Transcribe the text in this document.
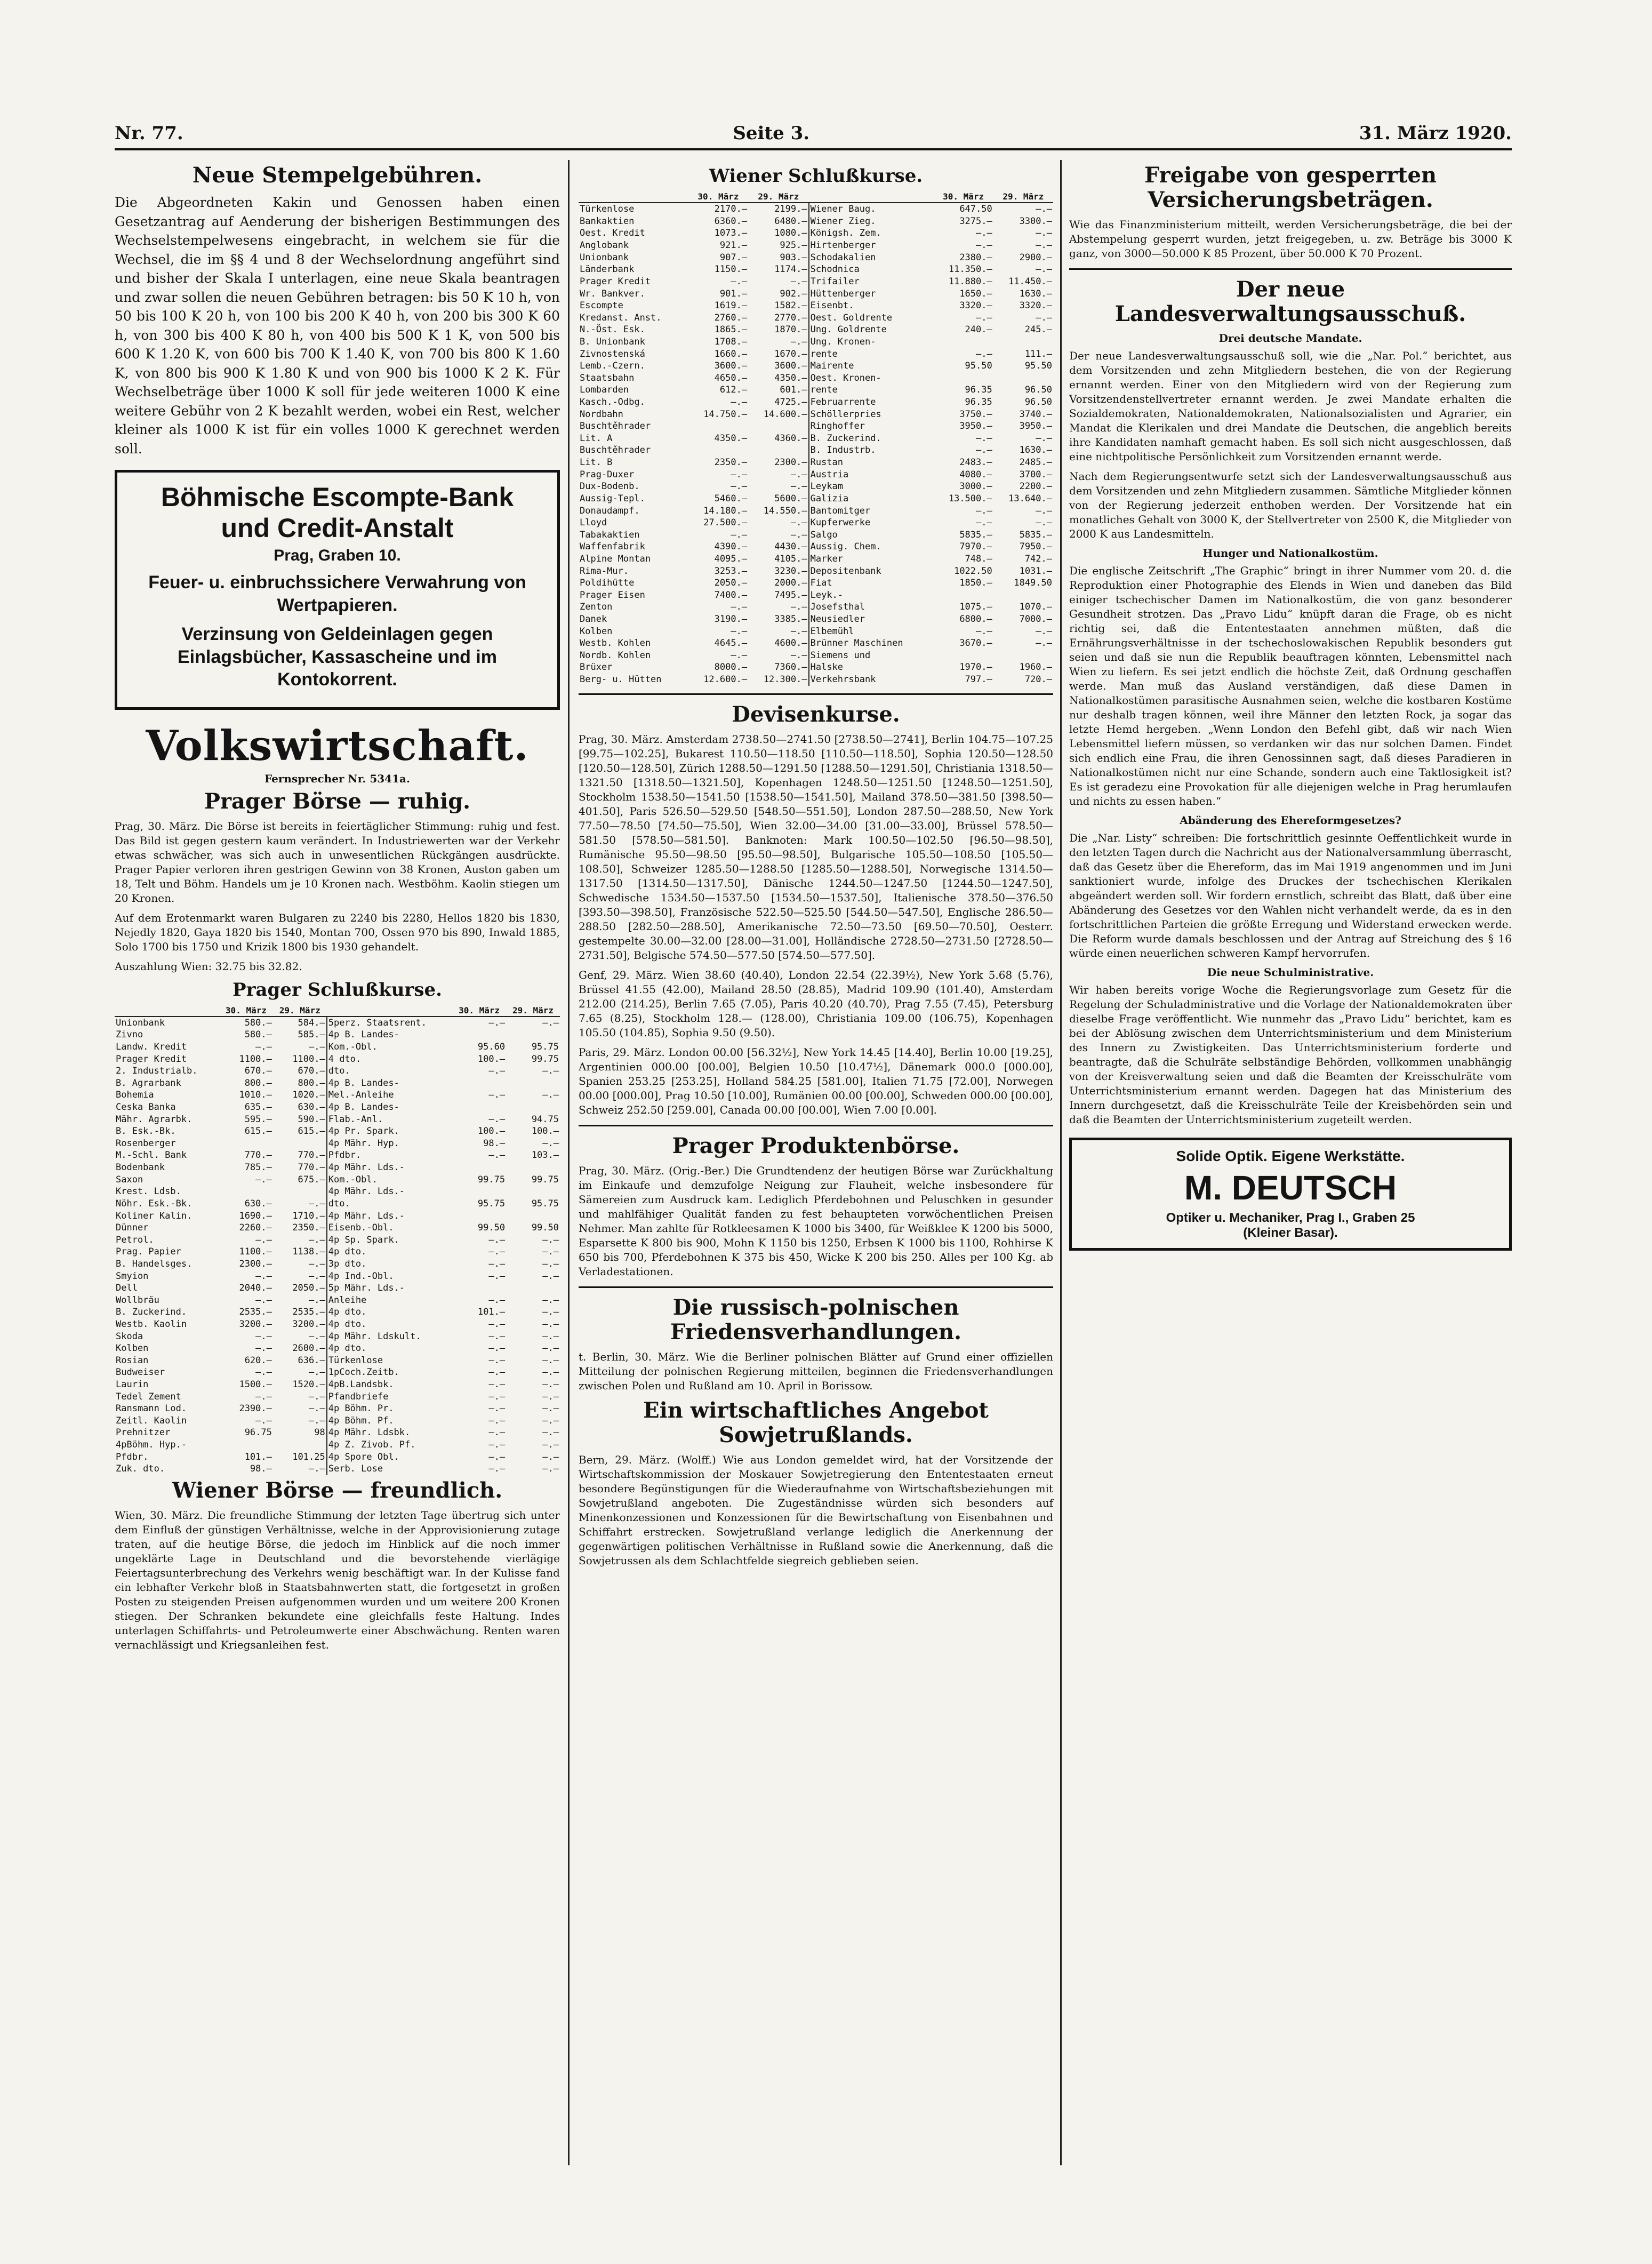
Nr. 77.	Seite 3.	31. März 1920.
Neue Stempelgebühren.

Die Abgeordneten Kakin und Genossen haben einen Gesetzantrag auf Aenderung der bisherigen Bestimmungen des Wechselstempelwesens eingebracht, in welchem sie für die Wechsel, die im §§ 4 und 8 der Wechselordnung angeführt sind und bisher der Skala I unterlagen, eine neue Skala beantragen und zwar sollen die neuen Gebühren betragen: bis 50 K 10 h, von 50 bis 100 K 20 h, von 100 bis 200 K 40 h, von 200 bis 300 K 60 h, von 300 bis 400 K 80 h, von 400 bis 500 K 1 K, von 500 bis 600 K 1.20 K, von 600 bis 700 K 1.40 K, von 700 bis 800 K 1.60 K, von 800 bis 900 K 1.80 K und von 900 bis 1000 K 2 K. Für Wechselbeträge über 1000 K soll für jede weiteren 1000 K eine weitere Gebühr von 2 K bezahlt werden, wobei ein Rest, welcher kleiner als 1000 K ist für ein volles 1000 K gerechnet werden soll.

Böhmische Escompte-Bank
und Credit-Anstalt
Prag, Graben 10.
Feuer- u. einbruchssichere Verwahrung von Wertpapieren.
Verzinsung von Geldeinlagen gegen Einlagsbücher, Kassascheine und im Kontokorrent.
Volkswirtschaft.
Fernsprecher Nr. 5341a.
Prager Börse — ruhig.

Prag, 30. März. Die Börse ist bereits in feiertäglicher Stimmung: ruhig und fest. Das Bild ist gegen gestern kaum verändert. In Industriewerten war der Verkehr etwas schwächer, was sich auch in unwesentlichen Rückgängen ausdrückte. Prager Papier verloren ihren gestrigen Gewinn von 38 Kronen, Auston gaben um 18, Telt und Böhm. Handels um je 10 Kronen nach. Westböhm. Kaolin stiegen um 20 Kronen.

Auf dem Erotenmarkt waren Bulgaren zu 2240 bis 2280, Hellos 1820 bis 1830, Nejedly 1820, Gaya 1820 bis 1540, Montan 700, Ossen 970 bis 890, Inwald 1885, Solo 1700 bis 1750 und Krizik 1800 bis 1930 gehandelt.

Auszahlung Wien: 32.75 bis 32.82.

Prager Schlußkurse.
	30. März	29. März		30. März	29. März
Unionbank	580.—	584.—	5perz. Staatsrent.	—.—	—.—
Zivno	580.—	585.—	4p B. Landes-		
Landw. Kredit	—.—	—.—	Kom.-Obl.	95.60	95.75
Prager Kredit	1100.—	1100.—	4 dto.	100.—	99.75
2. Industrialb.	670.—	670.—	dto.	—.—	—.—
B. Agrarbank	800.—	800.—	4p B. Landes-		
Bohemia	1010.—	1020.—	Mel.-Anleihe	—.—	—.—
Ceska Banka	635.—	630.—	4p B. Landes-		
Mähr. Agrarbk.	595.—	590.—	Flab.-Anl.	—.—	94.75
B. Esk.-Bk.	615.—	615.—	4p Pr. Spark.	100.—	100.—
Rosenberger			4p Mähr. Hyp.	98.—	—.—
M.-Schl. Bank	770.—	770.—	Pfdbr.	—.—	103.—
Bodenbank	785.—	770.—	4p Mähr. Lds.-		
Saxon	—.—	675.—	Kom.-Obl.	99.75	99.75
Krest. Ldsb.			4p Mähr. Lds.-		
Nöhr. Esk.-Bk.	630.—	—.—	dto.	95.75	95.75
Koliner Kalin.	1690.—	1710.—	4p Mähr. Lds.-		
Dünner	2260.—	2350.—	Eisenb.-Obl.	99.50	99.50
Petrol.	—.—	—.—	4p Sp. Spark.	—.—	—.—
Prag. Papier	1100.—	1138.—	4p dto.	—.—	—.—
B. Handelsges.	2300.—	—.—	3p dto.	—.—	—.—
Smyion	—.—	—.—	4p Ind.-Obl.	—.—	—.—
Dell	2040.—	2050.—	5p Mähr. Lds.-		
Wollbräu	—.—	—.—	Anleihe	—.—	—.—
B. Zuckerind.	2535.—	2535.—	4p dto.	101.—	—.—
Westb. Kaolin	3200.—	3200.—	4p dto.	—.—	—.—
Skoda	—.—	—.—	4p Mähr. Ldskult.	—.—	—.—
Kolben	—.—	2600.—	4p dto.	—.—	—.—
Rosian	620.—	636.—	Türkenlose	—.—	—.—
Budweiser	—.—	—.—	1pCoch.Zeitb.	—.—	—.—
Laurin	1500.—	1520.—	4pB.Landsbk.	—.—	—.—
Tedel Zement	—.—	—.—	Pfandbriefe	—.—	—.—
Ransmann Lod.	2390.—	—.—	4p Böhm. Pr.	—.—	—.—
Zeitl. Kaolin	—.—	—.—	4p Böhm. Pf.	—.—	—.—
Prehnitzer	96.75	98	4p Mähr. Ldsbk.	—.—	—.—
4pBöhm. Hyp.-			4p Z. Zivob. Pf.	—.—	—.—
Pfdbr.	101.—	101.25	4p Spore Obl.	—.—	—.—
Zuk. dto.	98.—	—.—	Serb. Lose	—.—	—.—
Wiener Börse — freundlich.

Wien, 30. März. Die freundliche Stimmung der letzten Tage übertrug sich unter dem Einfluß der günstigen Verhältnisse, welche in der Approvisionierung zutage traten, auf die heutige Börse, die jedoch im Hinblick auf die noch immer ungeklärte Lage in Deutschland und die bevorstehende vierlägige Feiertagsunterbrechung des Verkehrs wenig beschäftigt war. In der Kulisse fand ein lebhafter Verkehr bloß in Staatsbahnwerten statt, die fortgesetzt in großen Posten zu steigenden Preisen aufgenommen wurden und um weitere 200 Kronen stiegen. Der Schranken bekundete eine gleichfalls feste Haltung. Indes unterlagen Schiffahrts- und Petroleumwerte einer Abschwächung. Renten waren vernachlässigt und Kriegsanleihen fest.

Wiener Schlußkurse.
	30. März	29. März		30. März	29. März
Türkenlose	2170.—	2199.—	Wiener Baug.	647.50	—.—
Bankaktien	6360.—	6480.—	Wiener Zieg.	3275.—	3300.—
Oest. Kredit	1073.—	1080.—	Königsh. Zem.	—.—	—.—
Anglobank	921.—	925.—	Hirtenberger	—.—	—.—
Unionbank	907.—	903.—	Schodakalien	2380.—	2900.—
Länderbank	1150.—	1174.—	Schodnica	11.350.—	—.—
Prager Kredit	—.—	—.—	Trifailer	11.880.—	11.450.—
Wr. Bankver.	901.—	902.—	Hüttenberger	1650.—	1630.—
Escompte	1619.—	1582.—	Eisenbt.	3320.—	3320.—
Kredanst. Anst.	2760.—	2770.—	Oest. Goldrente	—.—	—.—
N.-Öst. Esk.	1865.—	1870.—	Ung. Goldrente	240.—	245.—
B. Unionbank	1708.—	—.—	Ung. Kronen-		
Zivnostenská	1660.—	1670.—	rente	—.—	111.—
Lemb.-Czern.	3600.—	3600.—	Mairente	95.50	95.50
Staatsbahn	4650.—	4350.—	Oest. Kronen-		
Lombarden	612.—	601.—	rente	96.35	96.50
Kasch.-Odbg.	—.—	4725.—	Februarrente	96.35	96.50
Nordbahn	14.750.—	14.600.—	Schöllerpries	3750.—	3740.—
Buschtěhrader			Ringhoffer	3950.—	3950.—
Lit. A	4350.—	4360.—	B. Zuckerind.	—.—	—.—
Buschtěhrader			B. Industrb.	—.—	1630.—
Lit. B	2350.—	2300.—	Rustan	2483.—	2485.—
Prag-Duxer	—.—	—.—	Austria	4080.—	3700.—
Dux-Bodenb.	—.—	—.—	Leykam	3000.—	2200.—
Aussig-Tepl.	5460.—	5600.—	Galizia	13.500.—	13.640.—
Donaudampf.	14.180.—	14.550.—	Bantomitger	—.—	—.—
Lloyd	27.500.—	—.—	Kupferwerke	—.—	—.—
Tabakaktien	—.—	—.—	Salgo	5835.—	5835.—
Waffenfabrik	4390.—	4430.—	Aussig. Chem.	7970.—	7950.—
Alpine Montan	4095.—	4105.—	Marker	748.—	742.—
Rima-Mur.	3253.—	3230.—	Depositenbank	1022.50	1031.—
Poldihütte	2050.—	2000.—	Fiat	1850.—	1849.50
Prager Eisen	7400.—	7495.—	Leyk.-		
Zenton	—.—	—.—	Josefsthal	1075.—	1070.—
Danek	3190.—	3385.—	Neusiedler	6800.—	7000.—
Kolben	—.—	—.—	Elbemühl	—.—	—.—
Westb. Kohlen	4645.—	4600.—	Brünner Maschinen	3670.—	—.—
Nordb. Kohlen	—.—	—.—	Siemens und		
Brüxer	8000.—	7360.—	Halske	1970.—	1960.—
Berg- u. Hütten	12.600.—	12.300.—	Verkehrsbank	797.—	720.—
Devisenkurse.

Prag, 30. März. Amsterdam 2738.50—2741.50 [2738.50—2741], Berlin 104.75—107.25 [99.75—102.25], Bukarest 110.50—118.50 [110.50—118.50], Sophia 120.50—128.50 [120.50—128.50], Zürich 1288.50—1291.50 [1288.50—1291.50], Christiania 1318.50—1321.50 [1318.50—1321.50], Kopenhagen 1248.50—1251.50 [1248.50—1251.50], Stockholm 1538.50—1541.50 [1538.50—1541.50], Mailand 378.50—381.50 [398.50—401.50], Paris 526.50—529.50 [548.50—551.50], London 287.50—288.50, New York 77.50—78.50 [74.50—75.50], Wien 32.00—34.00 [31.00—33.00], Brüssel 578.50—581.50 [578.50—581.50]. Banknoten: Mark 100.50—102.50 [96.50—98.50], Rumänische 95.50—98.50 [95.50—98.50], Bulgarische 105.50—108.50 [105.50—108.50], Schweizer 1285.50—1288.50 [1285.50—1288.50], Norwegische 1314.50—1317.50 [1314.50—1317.50], Dänische 1244.50—1247.50 [1244.50—1247.50], Schwedische 1534.50—1537.50 [1534.50—1537.50], Italienische 378.50—376.50 [393.50—398.50], Französische 522.50—525.50 [544.50—547.50], Englische 286.50—288.50 [282.50—288.50], Amerikanische 72.50—73.50 [69.50—70.50], Oesterr. gestempelte 30.00—32.00 [28.00—31.00], Holländische 2728.50—2731.50 [2728.50—2731.50], Belgische 574.50—577.50 [574.50—577.50].

Genf, 29. März. Wien 38.60 (40.40), London 22.54 (22.39½), New York 5.68 (5.76), Brüssel 41.55 (42.00), Mailand 28.50 (28.85), Madrid 109.90 (101.40), Amsterdam 212.00 (214.25), Berlin 7.65 (7.05), Paris 40.20 (40.70), Prag 7.55 (7.45), Petersburg 7.65 (8.25), Stockholm 128.— (128.00), Christiania 109.00 (106.75), Kopenhagen 105.50 (104.85), Sophia 9.50 (9.50).

Paris, 29. März. London 00.00 [56.32½], New York 14.45 [14.40], Berlin 10.00 [19.25], Argentinien 000.00 [00.00], Belgien 10.50 [10.47½], Dänemark 000.0 [000.00], Spanien 253.25 [253.25], Holland 584.25 [581.00], Italien 71.75 [72.00], Norwegen 00.00 [000.00], Prag 10.50 [10.00], Rumänien 00.00 [00.00], Schweden 000.00 [00.00], Schweiz 252.50 [259.00], Canada 00.00 [00.00], Wien 7.00 [0.00].

Prager Produktenbörse.

Prag, 30. März. (Orig.-Ber.) Die Grundtendenz der heutigen Börse war Zurückhaltung im Einkaufe und demzufolge Neigung zur Flauheit, welche insbesondere für Sämereien zum Ausdruck kam. Lediglich Pferdebohnen und Peluschken in gesunder und mahlfähiger Qualität fanden zu fest behaupteten vorwöchentlichen Preisen Nehmer. Man zahlte für Rotkleesamen K 1000 bis 3400, für Weißklee K 1200 bis 5000, Esparsette K 800 bis 900, Mohn K 1150 bis 1250, Erbsen K 1000 bis 1100, Rohhirse K 650 bis 700, Pferdebohnen K 375 bis 450, Wicke K 200 bis 250. Alles per 100 Kg. ab Verladestationen.

Die russisch-polnischen Friedensverhandlungen.

t. Berlin, 30. März. Wie die Berliner polnischen Blätter auf Grund einer offiziellen Mitteilung der polnischen Regierung mitteilen, beginnen die Friedensverhandlungen zwischen Polen und Rußland am 10. April in Borissow.

Ein wirtschaftliches Angebot Sowjetrußlands.

Bern, 29. März. (Wolff.) Wie aus London gemeldet wird, hat der Vorsitzende der Wirtschaftskommission der Moskauer Sowjetregierung den Ententestaaten erneut besondere Begünstigungen für die Wiederaufnahme von Wirtschaftsbeziehungen mit Sowjetrußland angeboten. Die Zugeständnisse würden sich besonders auf Minenkonzessionen und Konzessionen für die Bewirtschaftung von Eisenbahnen und Schiffahrt erstrecken. Sowjetrußland verlange lediglich die Anerkennung der gegenwärtigen politischen Verhältnisse in Rußland sowie die Anerkennung, daß die Sowjetrussen als dem Schlachtfelde siegreich geblieben seien.

Freigabe von gesperrten Versicherungsbeträgen.

Wie das Finanzministerium mitteilt, werden Versicherungsbeträge, die bei der Abstempelung gesperrt wurden, jetzt freigegeben, u. zw. Beträge bis 3000 K ganz, von 3000—50.000 K 85 Prozent, über 50.000 K 70 Prozent.

Der neue Landesverwaltungsausschuß.
Drei deutsche Mandate.

Der neue Landesverwaltungsausschuß soll, wie die „Nar. Pol.“ berichtet, aus dem Vorsitzenden und zehn Mitgliedern bestehen, die von der Regierung ernannt werden. Einer von den Mitgliedern wird von der Regierung zum Vorsitzendenstellvertreter ernannt werden. Je zwei Mandate erhalten die Sozialdemokraten, Nationaldemokraten, Nationalsozialisten und Agrarier, ein Mandat die Klerikalen und drei Mandate die Deutschen, die angeblich bereits ihre Kandidaten namhaft gemacht haben. Es soll sich nicht ausgeschlossen, daß eine nichtpolitische Persönlichkeit zum Vorsitzenden ernannt werde.

Nach dem Regierungsentwurfe setzt sich der Landesverwaltungsausschuß aus dem Vorsitzenden und zehn Mitgliedern zusammen. Sämtliche Mitglieder können von der Regierung jederzeit enthoben werden. Der Vorsitzende hat ein monatliches Gehalt von 3000 K, der Stellvertreter von 2500 K, die Mitglieder von 2000 K aus Landesmitteln.

Hunger und Nationalkostüm.

Die englische Zeitschrift „The Graphic“ bringt in ihrer Nummer vom 20. d. die Reproduktion einer Photographie des Elends in Wien und daneben das Bild einiger tschechischer Damen im Nationalkostüm, die von ganz besonderer Gesundheit strotzen. Das „Pravo Lidu“ knüpft daran die Frage, ob es nicht richtig sei, daß die Ententestaaten annehmen müßten, daß die Ernährungsverhältnisse in der tschechoslowakischen Republik besonders gut seien und daß sie nun die Republik beauftragen könnten, Lebensmittel nach Wien zu liefern. Es sei jetzt endlich die höchste Zeit, daß Ordnung geschaffen werde. Man muß das Ausland verständigen, daß diese Damen in Nationalkostümen parasitische Ausnahmen seien, welche die kostbaren Kostüme nur deshalb tragen können, weil ihre Männer den letzten Rock, ja sogar das letzte Hemd hergeben. „Wenn London den Befehl gibt, daß wir nach Wien Lebensmittel liefern müssen, so verdanken wir das nur solchen Damen. Findet sich endlich eine Frau, die ihren Genossinnen sagt, daß dieses Paradieren in Nationalkostümen nicht nur eine Schande, sondern auch eine Taktlosigkeit ist? Es ist geradezu eine Provokation für alle diejenigen welche in Prag herumlaufen und nichts zu essen haben.“

Abänderung des Ehereformgesetzes?

Die „Nar. Listy“ schreiben: Die fortschrittlich gesinnte Oeffentlichkeit wurde in den letzten Tagen durch die Nachricht aus der Nationalversammlung überrascht, daß das Gesetz über die Ehereform, das im Mai 1919 angenommen und im Juni sanktioniert wurde, infolge des Druckes der tschechischen Klerikalen abgeändert werden soll. Wir fordern ernstlich, schreibt das Blatt, daß über eine Abänderung des Gesetzes vor den Wahlen nicht verhandelt werde, da es in den fortschrittlichen Parteien die größte Erregung und Widerstand erwecken werde. Die Reform wurde damals beschlossen und der Antrag auf Streichung des § 16 würde einen neuerlichen schweren Kampf hervorrufen.

Die neue Schulministrative.

Wir haben bereits vorige Woche die Regierungsvorlage zum Gesetz für die Regelung der Schuladministrative und die Vorlage der Nationaldemokraten über dieselbe Frage veröffentlicht. Wie nunmehr das „Pravo Lidu“ berichtet, kam es bei der Ablösung zwischen dem Unterrichtsministerium und dem Ministerium des Innern zu Zwistigkeiten. Das Unterrichtsministerium forderte und beantragte, daß die Schulräte selbständige Behörden, vollkommen unabhängig von der Kreisverwaltung seien und daß die Beamten der Kreisschulräte vom Unterrichtsministerium ernannt werden. Dagegen hat das Ministerium des Innern durchgesetzt, daß die Kreisschulräte Teile der Kreisbehörden sein und daß die Beamten der Unterrichtsministerium zugeteilt werden.

Solide Optik. Eigene Werkstätte.
M. DEUTSCH
Optiker u. Mechaniker, Prag I., Graben 25
(Kleiner Basar).
